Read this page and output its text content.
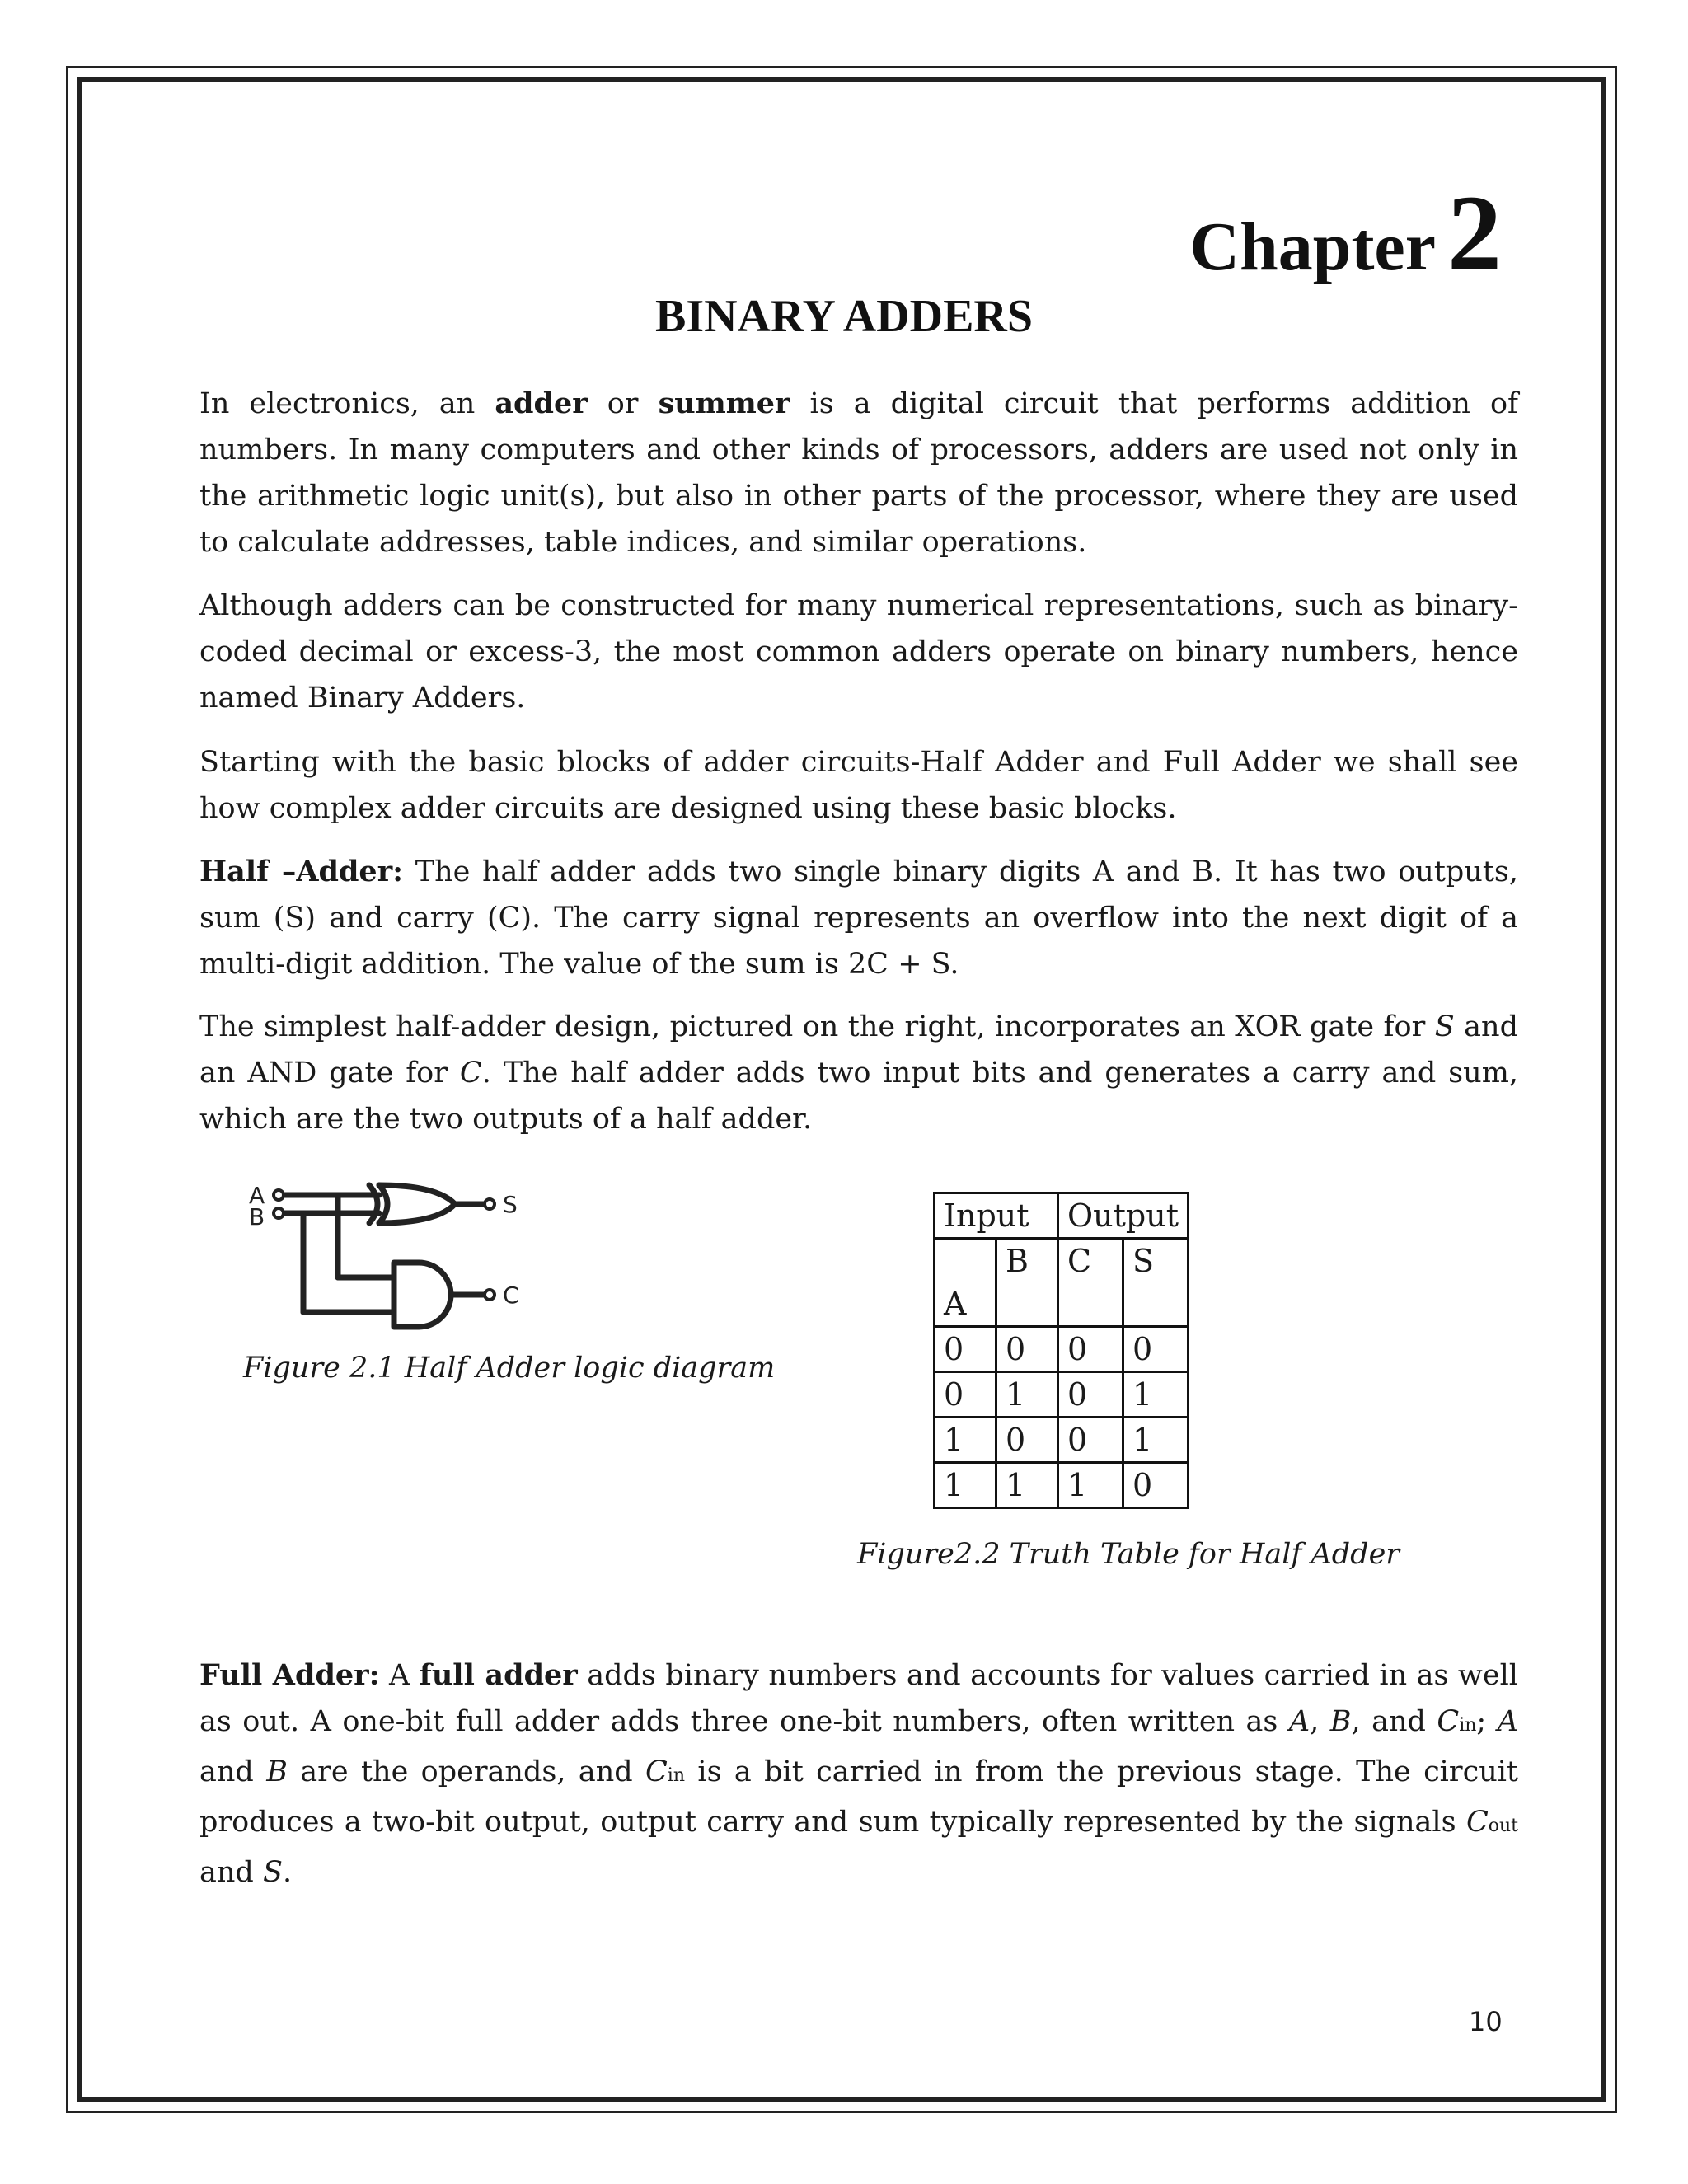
Chapter 2
BINARY ADDERS
In electronics, an adder or summer is a digital circuit that performs addition of numbers. In many computers and other kinds of processors, adders are used not only in the arithmetic logic unit(s), but also in other parts of the processor, where they are used to calculate addresses, table indices, and similar operations.
Although adders can be constructed for many numerical representations, such as binary-coded decimal or excess-3, the most common adders operate on binary numbers, hence named Binary Adders.
Starting with the basic blocks of adder circuits-Half Adder and Full Adder we shall see how complex adder circuits are designed using these basic blocks.
Half –Adder: The half adder adds two single binary digits A and B. It has two outputs, sum (S) and carry (C). The carry signal represents an overflow into the next digit of a multi-digit addition. The value of the sum is 2C + S.
The simplest half-adder design, pictured on the right, incorporates an XOR gate for S and an AND gate for C. The half adder adds two input bits and generates a carry and sum, which are the two outputs of a half adder.
A
B	S
C
Figure 2.1 Half Adder logic diagram
Input		Output	
A	B	C	S
0	0	0	0
0	1	0	1
1	0	0	1
1	1	1	0
Figure2.2 Truth Table for Half Adder
Full Adder: A full adder adds binary numbers and accounts for values carried in as well as out. A one-bit full adder adds three one-bit numbers, often written as A, B, and Cin; A and B are the operands, and Cin is a bit carried in from the previous stage. The circuit produces a two-bit output, output carry and sum typically represented by the signals Cout and S.
10
